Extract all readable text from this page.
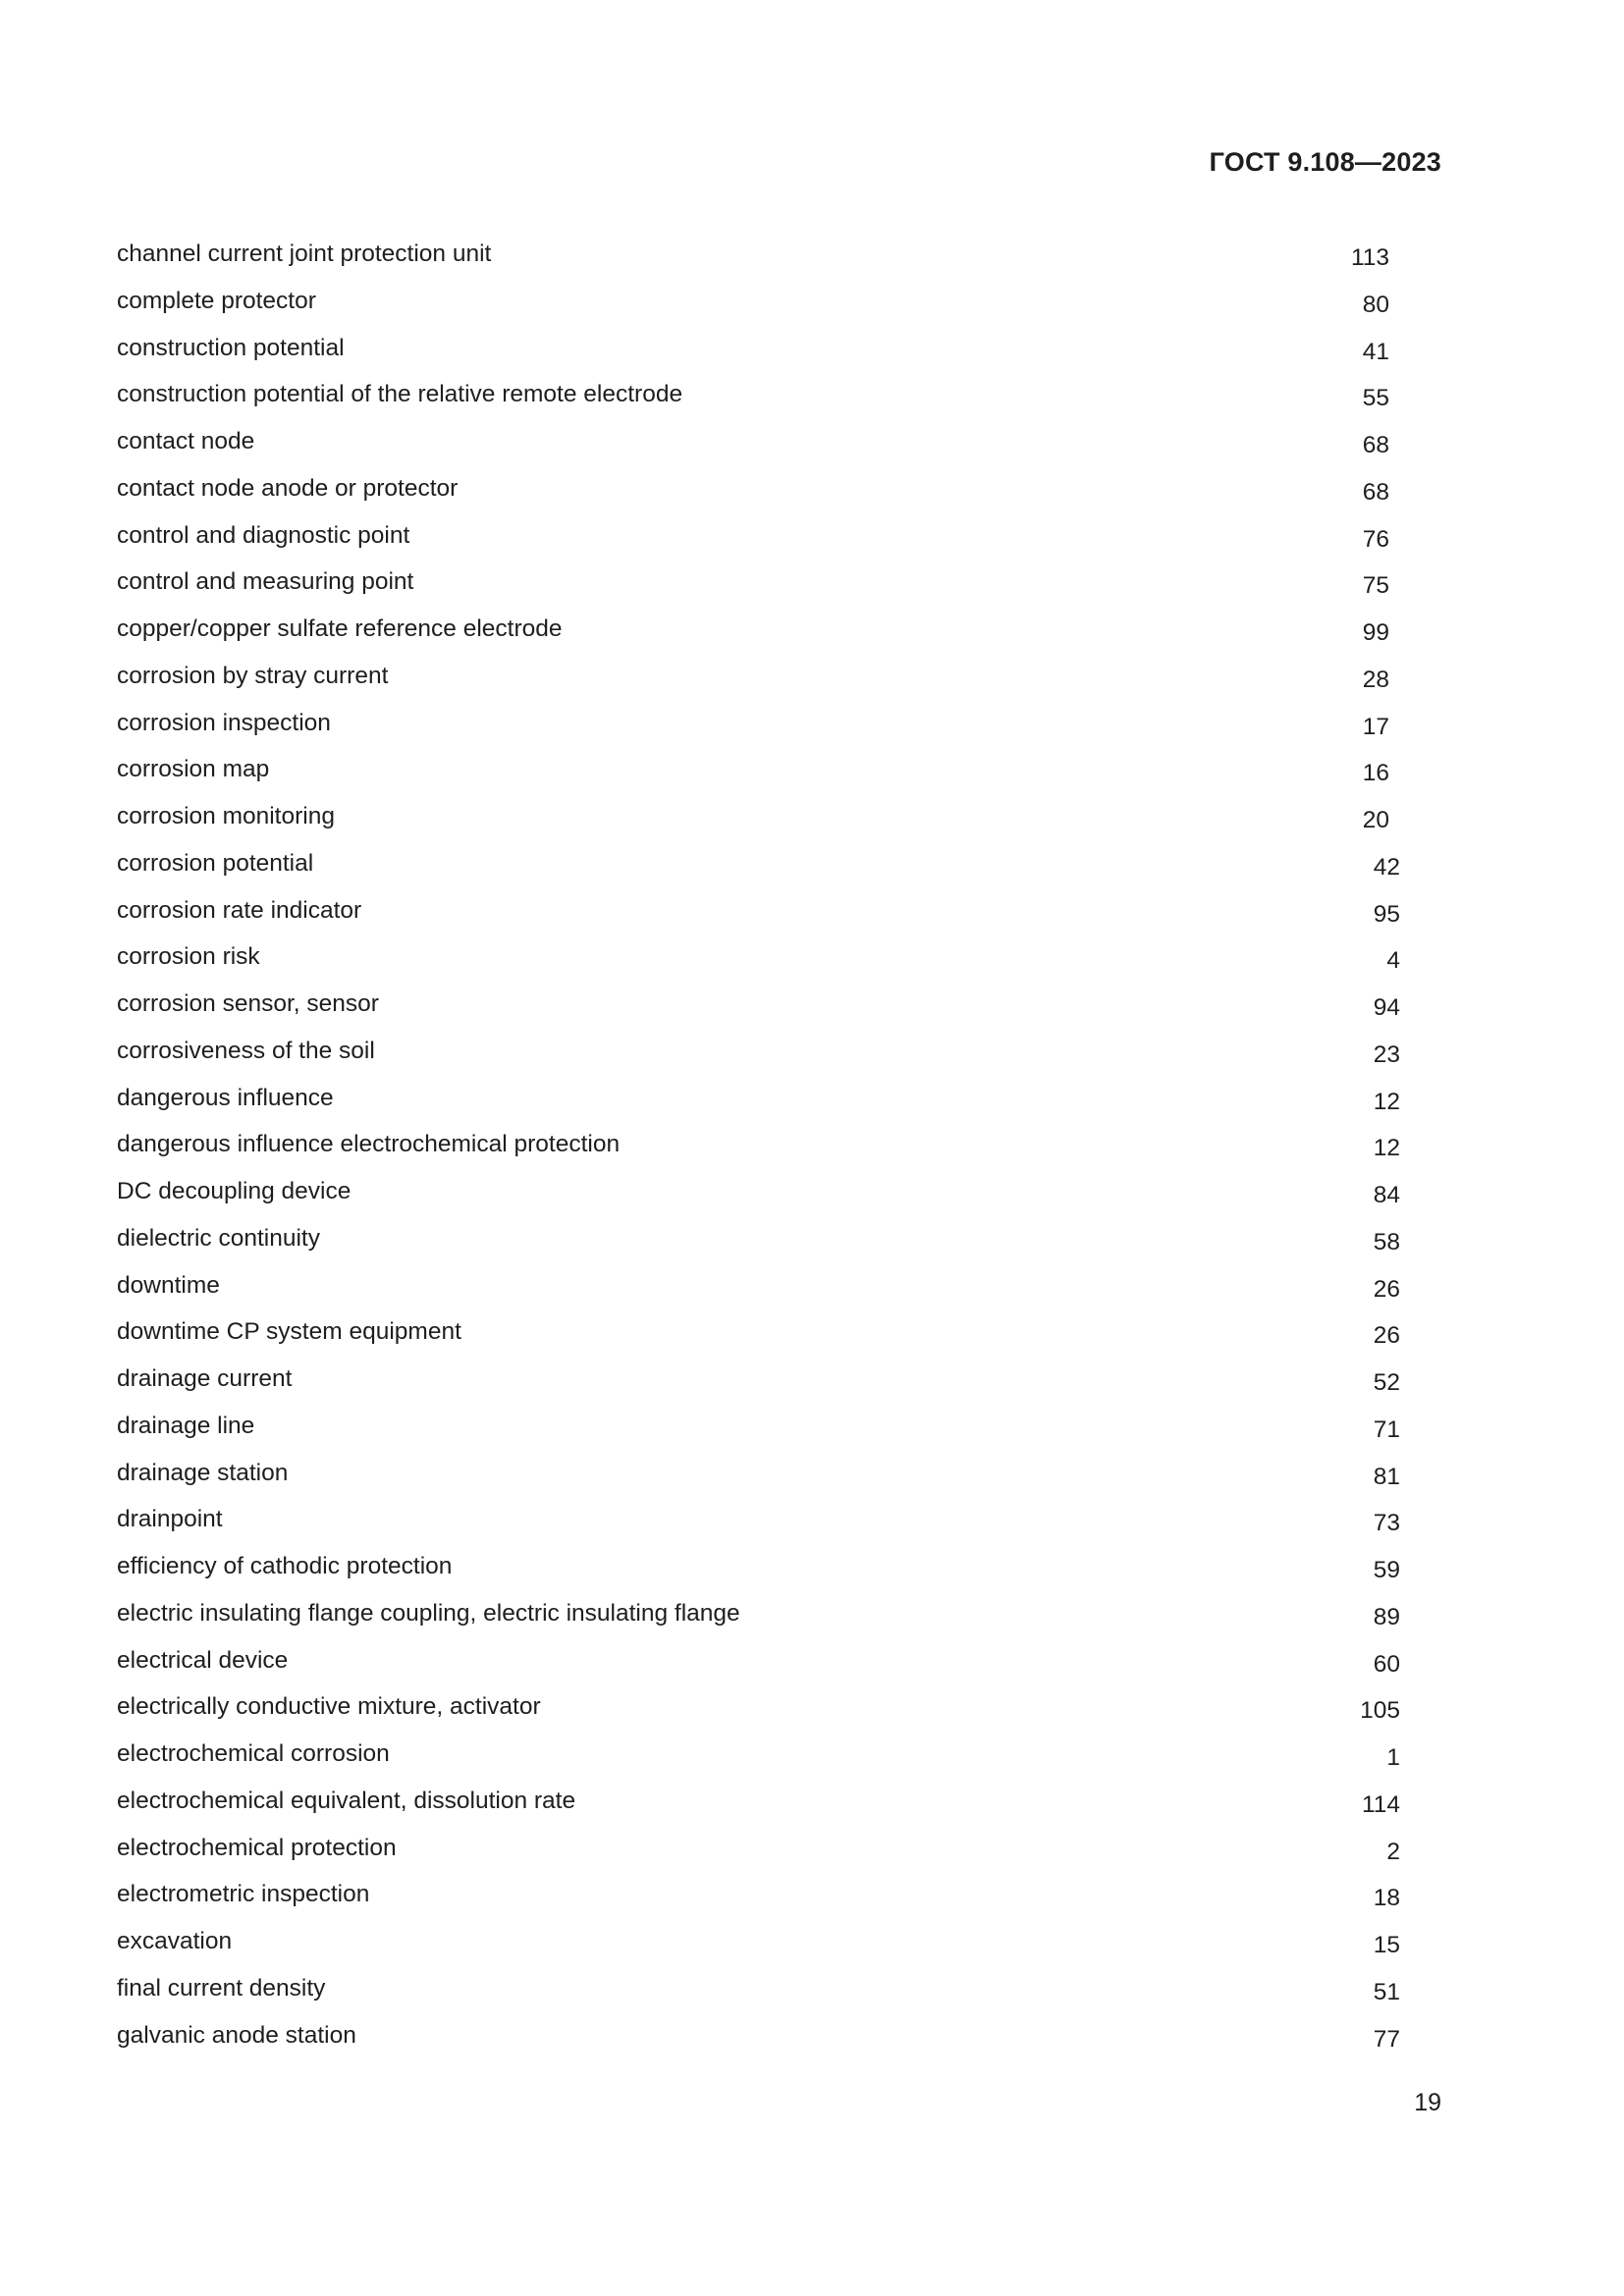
ГОСТ 9.108—2023
channel current joint protection unit	113
complete protector	80
construction potential	41
construction potential of the relative remote electrode	55
contact node	68
contact node anode or protector	68
control and diagnostic point	76
control and measuring point	75
copper/copper sulfate reference electrode	99
corrosion by stray current	28
corrosion inspection	17
corrosion map	16
corrosion monitoring	20
corrosion potential	42
corrosion rate indicator	95
corrosion risk	4
corrosion sensor, sensor	94
corrosiveness of the soil	23
dangerous influence	12
dangerous influence electrochemical protection	12
DC decoupling device	84
dielectric continuity	58
downtime	26
downtime CP system equipment	26
drainage current	52
drainage line	71
drainage station	81
drainpoint	73
efficiency of cathodic protection	59
electric insulating flange coupling, electric insulating flange	89
electrical device	60
electrically conductive mixture, activator	105
electrochemical corrosion	1
electrochemical equivalent, dissolution rate	114
electrochemical protection	2
electrometric inspection	18
excavation	15
final current density	51
galvanic anode station	77
19
